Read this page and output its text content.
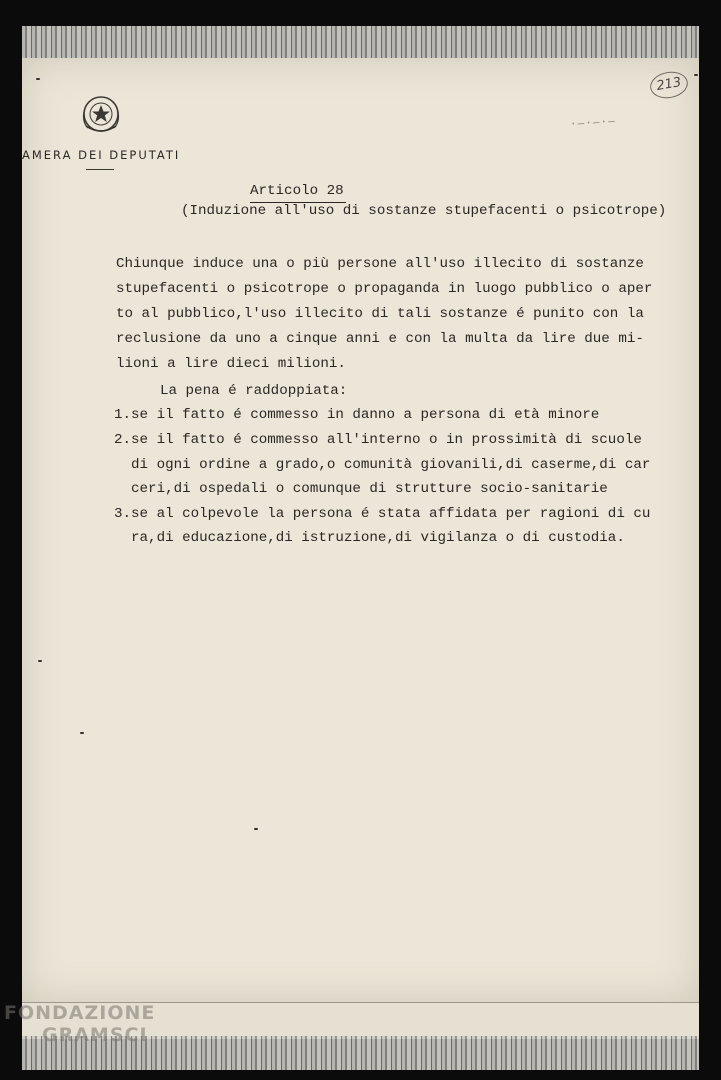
AMERA DEI DEPUTATI
213
·–·–·–
Articolo 28
(Induzione all'uso di sostanze stupefacenti o psicotrope)
Chiunque induce una o più persone all'uso illecito di sostanze
stupefacenti o psicotrope o propaganda in luogo pubblico o aper
to al pubblico,l'uso illecito di tali sostanze é punito con la
reclusione da uno a cinque anni e con la multa da lire due mi-
lioni a lire dieci milioni.
La pena é raddoppiata:
1.se il fatto é commesso in danno a persona di età minore
2.se il fatto é commesso all'interno o in prossimità di scuole
di ogni ordine a grado,o comunità giovanili,di caserme,di car
ceri,di ospedali o comunque di strutture socio-sanitarie
3.se al colpevole la persona é stata affidata per ragioni di cu
ra,di educazione,di istruzione,di vigilanza o di custodia.
FONDAZIONE
GRAMSCI
